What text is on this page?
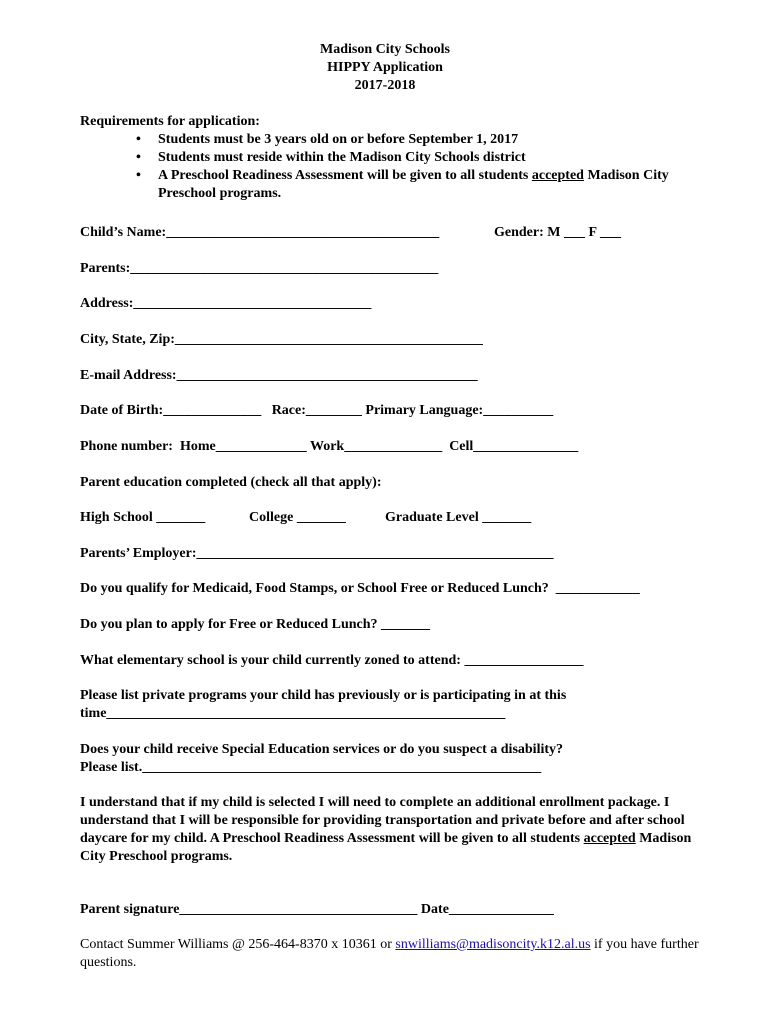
Madison City Schools
HIPPY Application
2017-2018
Requirements for application:
•	Students must be 3 years old on or before September 1, 2017
•	Students must reside within the Madison City Schools district
•	A Preschool Readiness Assessment will be given to all students accepted Madison City Preschool programs.
Child’s Name:_______________________________________	Gender: M ___ F ___
Parents:____________________________________________
Address:__________________________________
City, State, Zip:____________________________________________
E-mail Address:___________________________________________
Date of Birth:______________   Race:________ Primary Language:__________
Phone number:  Home_____________ Work______________  Cell_______________
Parent education completed (check all that apply):
High School _______	College _______	Graduate Level _______
Parents’ Employer:___________________________________________________
Do you qualify for Medicaid, Food Stamps, or School Free or Reduced Lunch?  ____________
Do you plan to apply for Free or Reduced Lunch? _______
What elementary school is your child currently zoned to attend: _________________
Please list private programs your child has previously or is participating in at this
time_________________________________________________________
Does your child receive Special Education services or do you suspect a disability?
Please list._________________________________________________________
I understand that if my child is selected I will need to complete an additional enrollment package. I understand that I will be responsible for providing transportation and private before and after school daycare for my child. A Preschool Readiness Assessment will be given to all students accepted Madison City Preschool programs.
Parent signature__________________________________ Date_______________
Contact Summer Williams @ 256-464-8370 x 10361 or snwilliams@madisoncity.k12.al.us if you have further questions.
